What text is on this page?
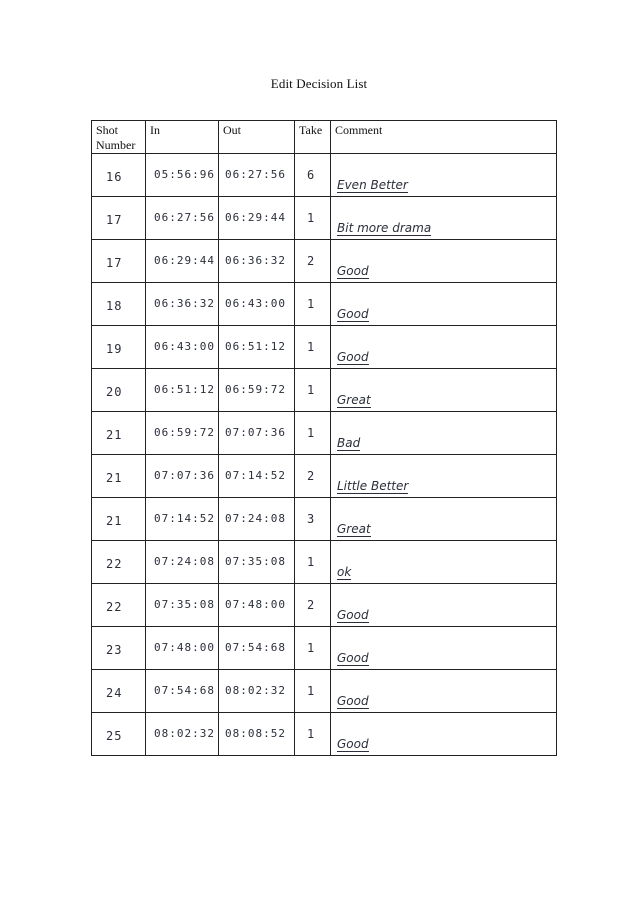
Edit Decision List
Shot
Number	In	Out	Take	Comment

16	05:56:96	06:27:56	6	Even Better

17	06:27:56	06:29:44	1	Bit more drama

17	06:29:44	06:36:32	2	Good

18	06:36:32	06:43:00	1	Good

19	06:43:00	06:51:12	1	Good

20	06:51:12	06:59:72	1	Great

21	06:59:72	07:07:36	1	Bad

21	07:07:36	07:14:52	2	Little Better

21	07:14:52	07:24:08	3	Great

22	07:24:08	07:35:08	1	ok

22	07:35:08	07:48:00	2	Good

23	07:48:00	07:54:68	1	Good

24	07:54:68	08:02:32	1	Good

25	08:02:32	08:08:52	1	Good
